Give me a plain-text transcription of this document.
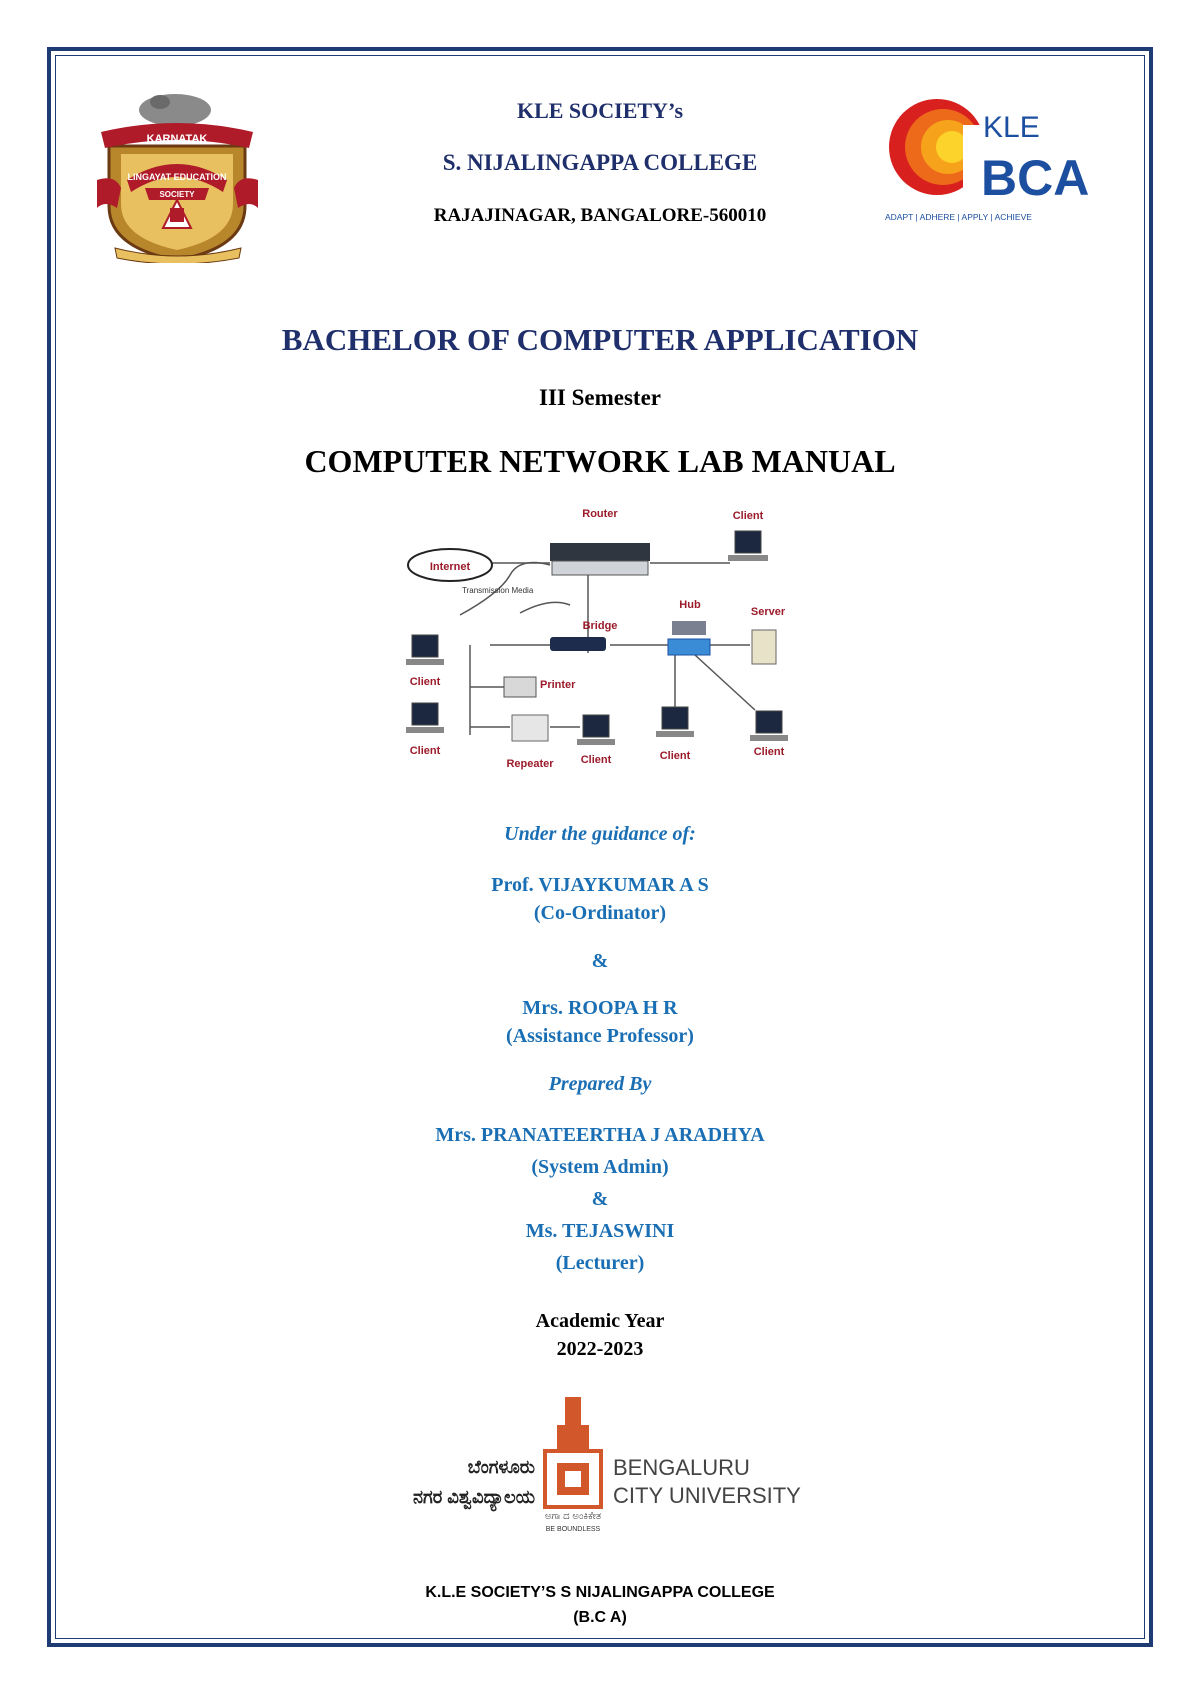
KARNATAK
LINGAYAT EDUCATION
SOCIETY
KLE SOCIETY’s
S. NIJALINGAPPA COLLEGE
RAJAJINAGAR, BANGALORE-560010
KLE
BCA
ADAPT | ADHERE | APPLY | ACHIEVE
BACHELOR OF COMPUTER APPLICATION
III Semester
COMPUTER NETWORK LAB MANUAL
Internet
Router	Client
Transmission Media
Bridge
Hub
Server
Client	Printer
Client
Repeater Client	Client	Client
Under the guidance of:
Prof. VIJAYKUMAR A S
(Co-Ordinator)
&
Mrs. ROOPA H R
(Assistance Professor)
Prepared By
Mrs. PRANATEERTHA J ARADHYA
(System Admin)
&
Ms. TEJASWINI
(Lecturer)
Academic Year
2022-2023
ಬೆಂಗಳೂರು
ನಗರ ವಿಶ್ವವಿದ್ಯಾಲಯ
BENGALURU
CITY UNIVERSITY
ಅಗಾ ದ ಅಂಕಿಕೇತ
BE BOUNDLESS
K.L.E SOCIETY’S S NIJALINGAPPA COLLEGE
(B.C A)
